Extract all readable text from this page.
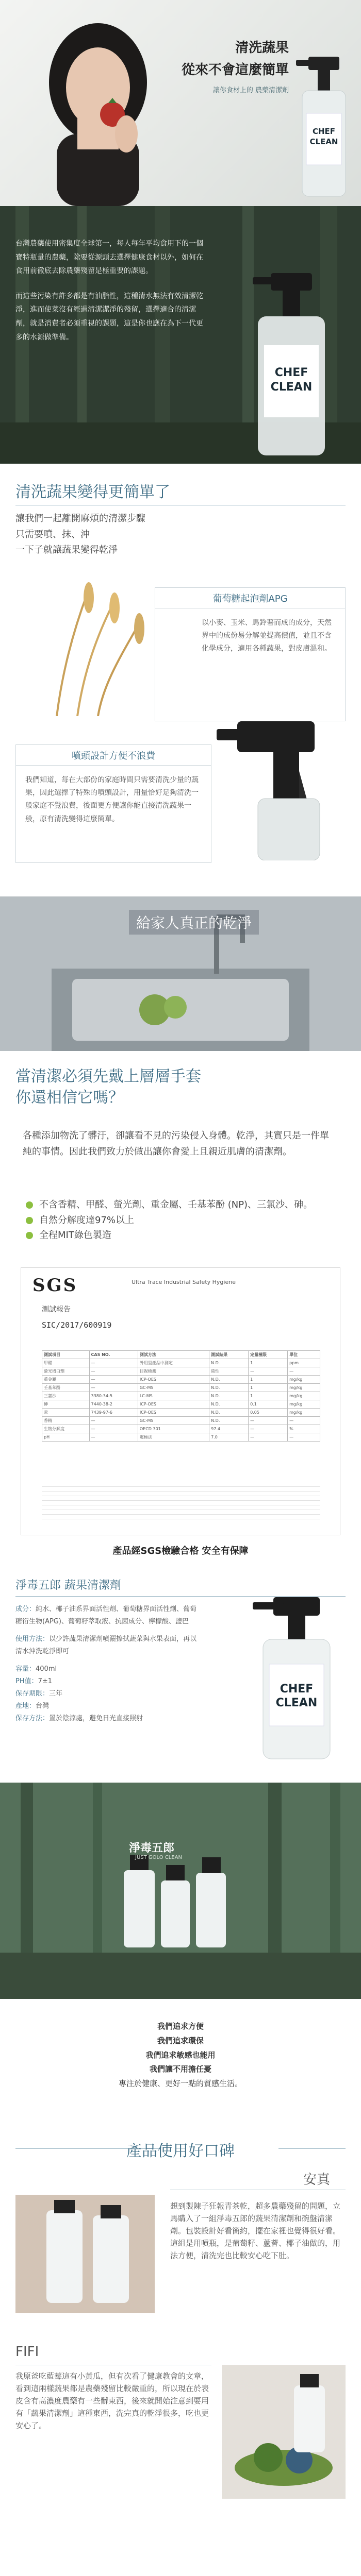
清洗蔬果
從來不會這麼簡單
讓你食材上的 農藥清潔劑
CHEF
CLEAN

台灣農藥使用密集度全球第一，每人每年平均食用下的一個寶特瓶量的農藥，除要從源頭去選擇健康食材以外，如何在食用前徹底去除農藥殘留是極重要的課題。

而這些污染有許多都是有油脂性，這種清水無法有效清潔乾淨，進而使菜沒有經過清潔潔淨的殘留，選擇適合的清潔劑，就是消費者必須重視的課題，這是你也應在為下一代更多的水源做準備。

CHEF
CLEAN
清洗蔬果變得更簡單了
讓我們一起離開麻煩的清潔步驟
只需要噴、抹、沖
一下子就讓蔬果變得乾淨
葡萄糖起泡劑APG
以小麥、玉米、馬鈴薯而成的成分，天然界中的成份易分解並提高價值，並且不含化學成分，適用各種蔬果，對皮膚溫和。
噴頭設計方便不浪費
我們知道，每在大部份的家庭時間只需要清洗少量的蔬果，因此選擇了特殊的噴頭設計，用量恰好足夠清洗一般家庭不覺浪費，後面更方便讓你能直接清洗蔬果一般，原有清洗變得這麼簡單。
給家人真正的乾淨
當清潔必須先戴上層層手套
你還相信它嗎？
各種添加物洗了髒汙，卻讓看不見的污染侵入身體。乾淨，其實只是一件單純的事情。因此我們致力於做出讓你會愛上且親近肌膚的清潔劑。
不含香精、甲醛、螢光劑、重金屬、壬基苯酚 (NP)、三氯沙、砷。
自然分解度達97%以上
全程MIT綠色製造
SGS	Ultra Trace Industrial Safety Hygiene
測試報告
SIC/2017/600919
測試項目	CAS NO.	測試方法	測試結果	定量極限	單位
甲醛	—	外用型產品中測定	N.D.	1	ppm
螢光增白劑	—	目視檢測	陰性	—	—
重金屬	—	ICP-OES	N.D.	1	mg/kg
壬基苯酚	—	GC-MS	N.D.	1	mg/kg
三氯沙	3380-34-5	LC-MS	N.D.	1	mg/kg
砷	7440-38-2	ICP-OES	N.D.	0.1	mg/kg
汞	7439-97-6	ICP-OES	N.D.	0.05	mg/kg
香精	—	GC-MS	N.D.	—	—
生物分解度	—	OECD 301	97.4	—	%
pH	—	電極法	7.0	—	—
產品經SGS檢驗合格 安全有保障
淨毒五郎 蔬果清潔劑
成分：純水、椰子油系界面活性劑、葡萄糖界面活性劑、葡萄糖衍生物(APG)、葡萄籽萃取液、抗菌成分、檸檬酸、鹽巴
使用方法：以少許蔬果清潔劑噴灑擦拭蔬菜與水果表面，再以清水沖洗乾淨即可
容量：400ml
PH值：7±1
保存期限：三年
產地：台灣
保存方法：置於陰涼處，避免日光直接照射
CHEF
CLEAN
淨毒五郎
JUST GOLO CLEAN
我們追求方便
我們追求環保
我們追求敏感也能用
我們讓不用擔任憂
專注於健康、更好一點的質感生活。
產品使用好口碑
安真
想到製陳子狂報青茶乾，超多農藥殘留的問題，立馬購入了一組淨毒五郎的蔬果清潔劑和碗盤清潔劑。包裝設計好看簡約，擺在家裡也覺得很好看。這組是用噴瓶，是葡萄籽、蘆薈、椰子油做的，用法方便，清洗完也比較安心吃下肚。
FIFI
我原爸吃藍莓這有小黃瓜，但有次看了健康教會的文章，看到這兩樣蔬果都是農藥殘留比較嚴重的，所以現在於表皮含有高濃度農藥有一些髒東西，後來就開始注意到要用有「蔬果清潔劑」這種東西，洗完真的乾淨很多，吃也更安心了。
